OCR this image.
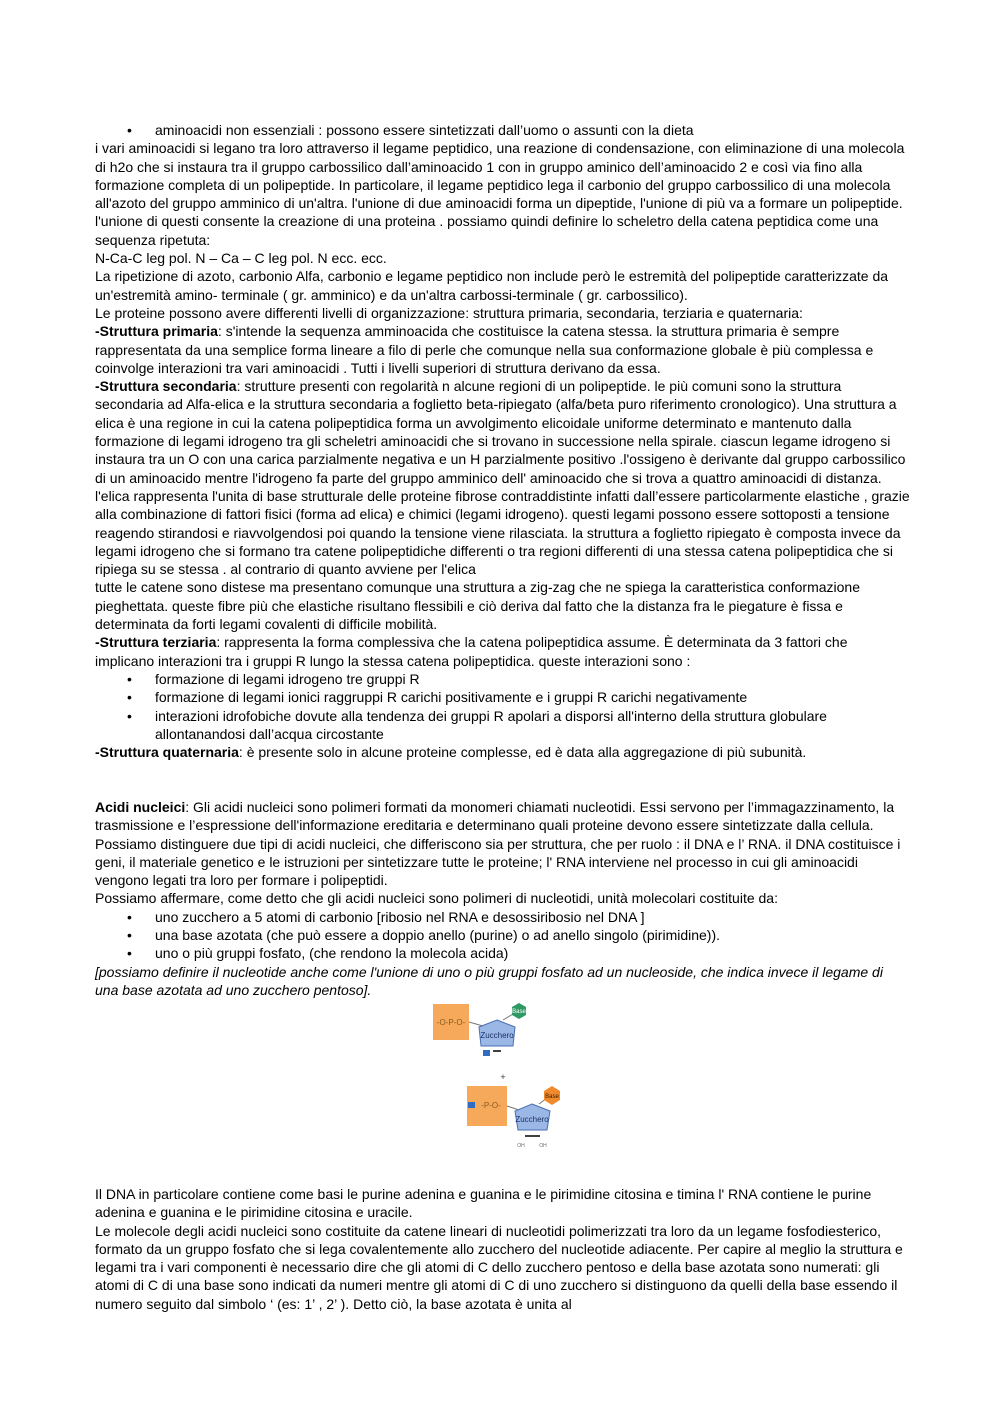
• aminoacidi non essenziali : possono essere sintetizzati dall’uomo o assunti con la dieta

i vari aminoacidi si legano tra loro attraverso il legame peptidico, una reazione di condensazione, con eliminazione di una molecola di h2o che si instaura tra il gruppo carbossilico dall’aminoacido 1 con in gruppo aminico dell’aminoacido 2 e così via fino alla formazione completa di un polipeptide. In particolare, il legame peptidico lega il carbonio del gruppo carbossilico di una molecola all'azoto del gruppo amminico di un'altra. l'unione di due aminoacidi forma un dipeptide, l'unione di più va a formare un polipeptide. l'unione di questi consente la creazione di una proteina . possiamo quindi definire lo scheletro della catena peptidica come una sequenza ripetuta:

N-Ca-C leg pol. N – Ca – C leg pol. N ecc. ecc.

La ripetizione di azoto, carbonio Alfa, carbonio e legame peptidico non include però le estremità del polipeptide caratterizzate da un'estremità amino- terminale ( gr. amminico) e da un'altra carbossi-terminale ( gr. carbossilico).

Le proteine possono avere differenti livelli di organizzazione: struttura primaria, secondaria, terziaria e quaternaria:

-Struttura primaria: s'intende la sequenza amminoacida che costituisce la catena stessa. la struttura primaria è sempre rappresentata da una semplice forma lineare a filo di perle che comunque nella sua conformazione globale è più complessa e coinvolge interazioni tra vari aminoacidi . Tutti i livelli superiori di struttura derivano da essa.

-Struttura secondaria: strutture presenti con regolarità n alcune regioni di un polipeptide. le più comuni sono la struttura secondaria ad Alfa-elica e la struttura secondaria a foglietto beta-ripiegato (alfa/beta puro riferimento cronologico). Una struttura a elica è una regione in cui la catena polipeptidica forma un avvolgimento elicoidale uniforme determinato e mantenuto dalla formazione di legami idrogeno tra gli scheletri aminoacidi che si trovano in successione nella spirale. ciascun legame idrogeno si instaura tra un O con una carica parzialmente negativa e un H parzialmente positivo .l'ossigeno è derivante dal gruppo carbossilico di un aminoacido mentre l'idrogeno fa parte del gruppo amminico dell' aminoacido che si trova a quattro aminoacidi di distanza. l'elica rappresenta l'unita di base strutturale delle proteine fibrose contraddistinte infatti dall’essere particolarmente elastiche , grazie alla combinazione di fattori fisici (forma ad elica) e chimici (legami idrogeno). questi legami possono essere sottoposti a tensione reagendo stirandosi e riavvolgendosi poi quando la tensione viene rilasciata. la struttura a foglietto ripiegato è composta invece da legami idrogeno che si formano tra catene polipeptidiche differenti o tra regioni differenti di una stessa catena polipeptidica che si ripiega su se stessa . al contrario di quanto avviene per l'elica

tutte le catene sono distese ma presentano comunque una struttura a zig-zag che ne spiega la caratteristica conformazione pieghettata. queste fibre più che elastiche risultano flessibili e ciò deriva dal fatto che la distanza fra le piegature è fissa e determinata da forti legami covalenti di difficile mobilità.

-Struttura terziaria: rappresenta la forma complessiva che la catena polipeptidica assume. È determinata da 3 fattori che implicano interazioni tra i gruppi R lungo la stessa catena polipeptidica. queste interazioni sono :

• formazione di legami idrogeno tre gruppi R
• formazione di legami ionici raggruppi R carichi positivamente e i gruppi R carichi negativamente
• interazioni idrofobiche dovute alla tendenza dei gruppi R apolari a disporsi all'interno della struttura globulare allontanandosi dall’acqua circostante

-Struttura quaternaria: è presente solo in alcune proteine complesse, ed è data alla aggregazione di più subunità.

Acidi nucleici: Gli acidi nucleici sono polimeri formati da monomeri chiamati nucleotidi. Essi servono per l’immagazzinamento, la trasmissione e l’espressione dell'informazione ereditaria e determinano quali proteine devono essere sintetizzate dalla cellula. Possiamo distinguere due tipi di acidi nucleici, che differiscono sia per struttura, che per ruolo : il DNA e l’ RNA. il DNA costituisce i geni, il materiale genetico e le istruzioni per sintetizzare tutte le proteine; l' RNA interviene nel processo in cui gli aminoacidi vengono legati tra loro per formare i polipeptidi.

Possiamo affermare, come detto che gli acidi nucleici sono polimeri di nucleotidi, unità molecolari costituite da:

• uno zucchero a 5 atomi di carbonio [ribosio nel RNA e desossiribosio nel DNA ]
• una base azotata (che può essere a doppio anello (purine) o ad anello singolo (pirimidine)).
• uno o più gruppi fosfato, (che rendono la molecola acida)

[possiamo definire il nucleotide anche come l'unione di uno o più gruppi fosfato ad un nucleoside, che indica invece il legame di una base azotata ad uno zucchero pentoso].

-O-P-O-
Zucchero
Base
+
-P-O-
Zucchero
Base
OH	OH

Il DNA in particolare contiene come basi le purine adenina e guanina e le pirimidine citosina e timina l' RNA contiene le purine adenina e guanina e le pirimidine citosina e uracile.

Le molecole degli acidi nucleici sono costituite da catene lineari di nucleotidi polimerizzati tra loro da un legame fosfodiesterico, formato da un gruppo fosfato che si lega covalentemente allo zucchero del nucleotide adiacente. Per capire al meglio la struttura e legami tra i vari componenti è necessario dire che gli atomi di C dello zucchero pentoso e della base azotata sono numerati: gli atomi di C di una base sono indicati da numeri mentre gli atomi di C di uno zucchero si distinguono da quelli della base essendo il numero seguito dal simbolo ‘ (es: 1’ , 2’ ). Detto ciò, la base azotata è unita al
